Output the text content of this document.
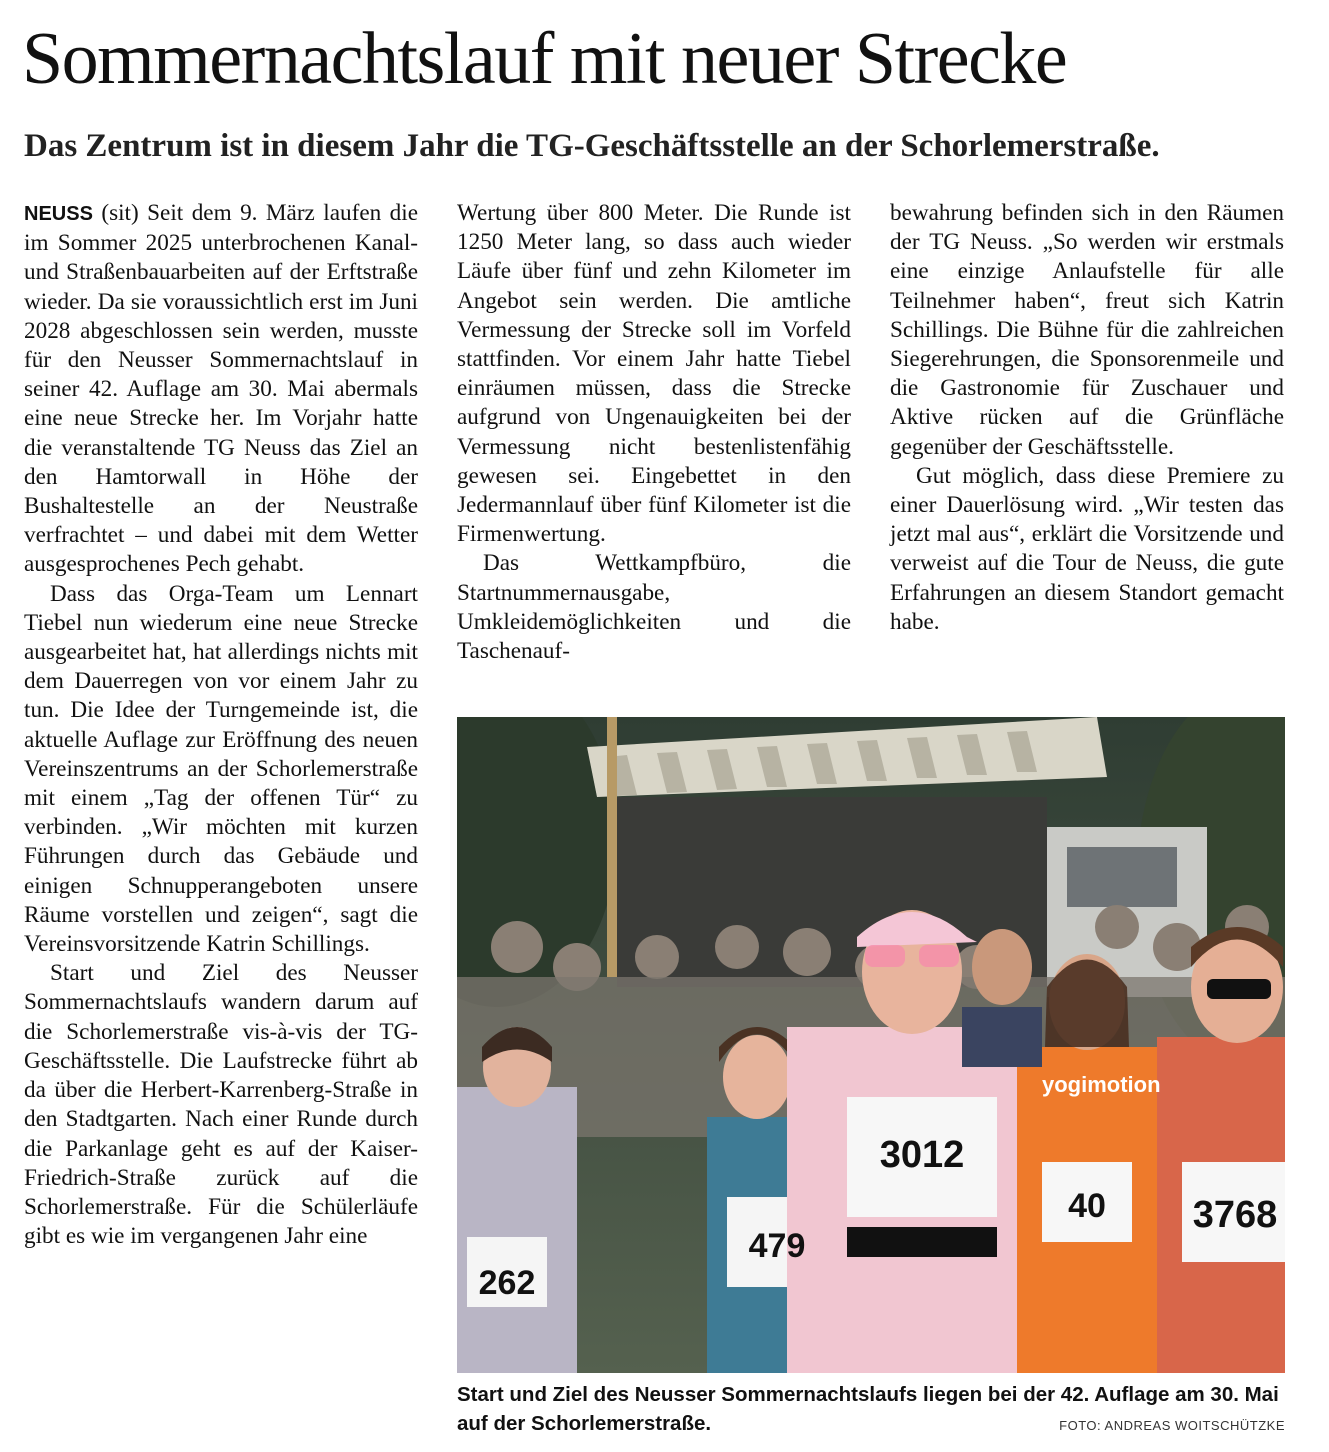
Sommernachtslauf mit neuer Strecke
Das Zentrum ist in diesem Jahr die TG-Geschäftsstelle an der Schorlemerstraße.

NEUSS (sit) Seit dem 9. März laufen die im Sommer 2025 unterbrochenen Kanal- und Straßenbauarbeiten auf der Erftstraße wieder. Da sie voraussichtlich erst im Juni 2028 abgeschlossen sein werden, musste für den Neusser Sommernachtslauf in seiner 42. Auflage am 30. Mai abermals eine neue Strecke her. Im Vorjahr hatte die veranstaltende TG Neuss das Ziel an den Hamtorwall in Höhe der Bushaltestelle an der Neustraße verfrachtet – und dabei mit dem Wetter ausgesprochenes Pech gehabt.

Dass das Orga-Team um Lennart Tiebel nun wiederum eine neue Strecke ausgearbeitet hat, hat allerdings nichts mit dem Dauerregen von vor einem Jahr zu tun. Die Idee der Turngemeinde ist, die aktuelle Auflage zur Eröffnung des neuen Vereinszentrums an der Schorlemerstraße mit einem „Tag der offenen Tür“ zu verbinden. „Wir möchten mit kurzen Führungen durch das Gebäude und einigen Schnupperangeboten unsere Räume vorstellen und zeigen“, sagt die Vereinsvorsitzende Katrin Schillings.

Start und Ziel des Neusser Sommernachtslaufs wandern darum auf die Schorlemerstraße vis-à-vis der TG-Geschäftsstelle. Die Laufstrecke führt ab da über die Herbert-Karrenberg-Straße in den Stadtgarten. Nach einer Runde durch die Parkanlage geht es auf der Kaiser-Friedrich-Straße zurück auf die Schorlemerstraße. Für die Schülerläufe gibt es wie im vergangenen Jahr eine

Wertung über 800 Meter. Die Runde ist 1250 Meter lang, so dass auch wieder Läufe über fünf und zehn Kilometer im Angebot sein werden. Die amtliche Vermessung der Strecke soll im Vorfeld stattfinden. Vor einem Jahr hatte Tiebel einräumen müssen, dass die Strecke aufgrund von Ungenauigkeiten bei der Vermessung nicht bestenlistenfähig gewesen sei. Eingebettet in den Jedermannlauf über fünf Kilometer ist die Firmenwertung.

Das Wettkampfbüro, die Startnummernausgabe, Umkleidemöglichkeiten und die Taschenauf-

bewahrung befinden sich in den Räumen der TG Neuss. „So werden wir erstmals eine einzige Anlaufstelle für alle Teilnehmer haben“, freut sich Katrin Schillings. Die Bühne für die zahlreichen Siegerehrungen, die Sponsorenmeile und die Gastronomie für Zuschauer und Aktive rücken auf die Grünfläche gegenüber der Geschäftsstelle.

Gut möglich, dass diese Premiere zu einer Dauerlösung wird. „Wir testen das jetzt mal aus“, erklärt die Vorsitzende und verweist auf die Tour de Neuss, die gute Erfahrungen an diesem Standort gemacht habe.

262
479
3012
40 3768
yogimotion
Start und Ziel des Neusser Sommernachtslaufs liegen bei der 42. Auflage am 30. Mai auf der Schorlemerstraße.	FOTO: ANDREAS WOITSCHÜTZKE
